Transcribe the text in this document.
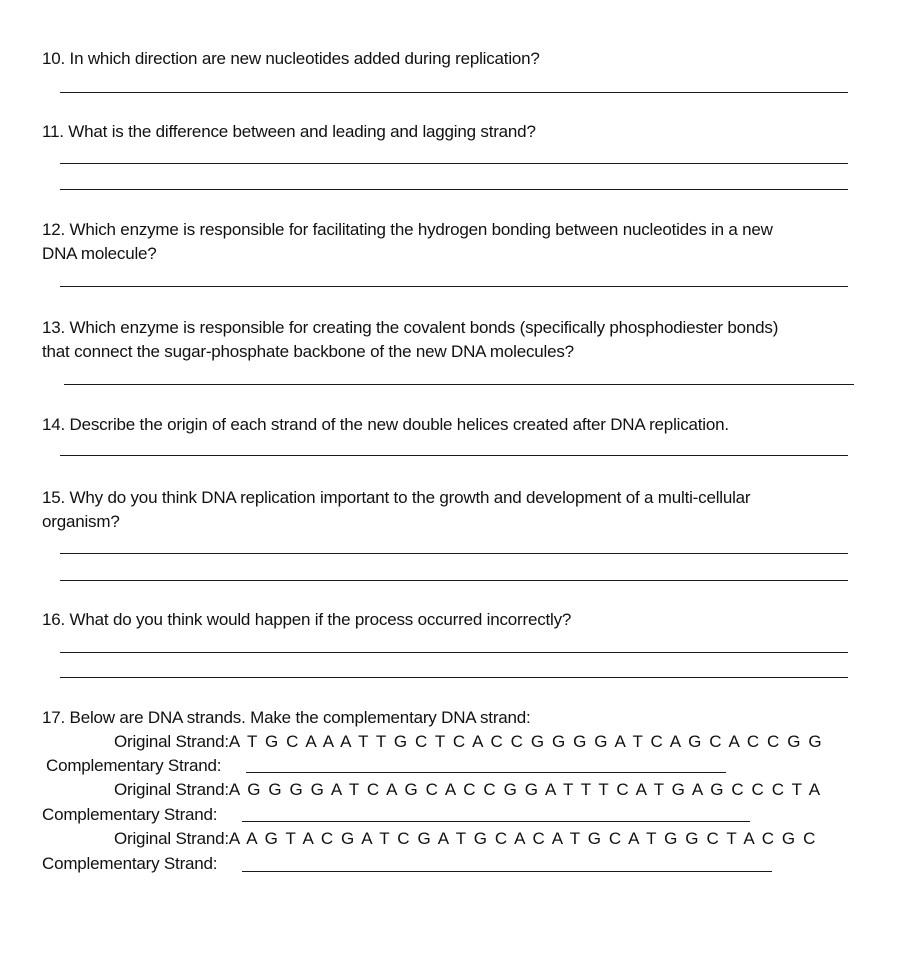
10. In which direction are new nucleotides added during replication?
11. What is the difference between and leading and lagging strand?
12. Which enzyme is responsible for facilitating the hydrogen bonding between nucleotides in a new
DNA molecule?
13. Which enzyme is responsible for creating the covalent bonds (specifically phosphodiester bonds)
that connect the sugar-phosphate backbone of the new DNA molecules?
14. Describe the origin of each strand of the new double helices created after DNA replication.
15. Why do you think DNA replication important to the growth and development of a multi-cellular
organism?
16. What do you think would happen if the process occurred incorrectly?
17. Below are DNA strands. Make the complementary DNA strand:
Original Strand:A T G C A A A T T G C T C A C C G G G G A T C A G C A C C G G
Complementary Strand:
Original Strand:A G G G G A T C A G C A C C G G A T T T C A T G A G C C C T A
Complementary Strand:
Original Strand:A A G T A C G A T C G A T G C A C A T G C A T G G C T A C G C
Complementary Strand:
